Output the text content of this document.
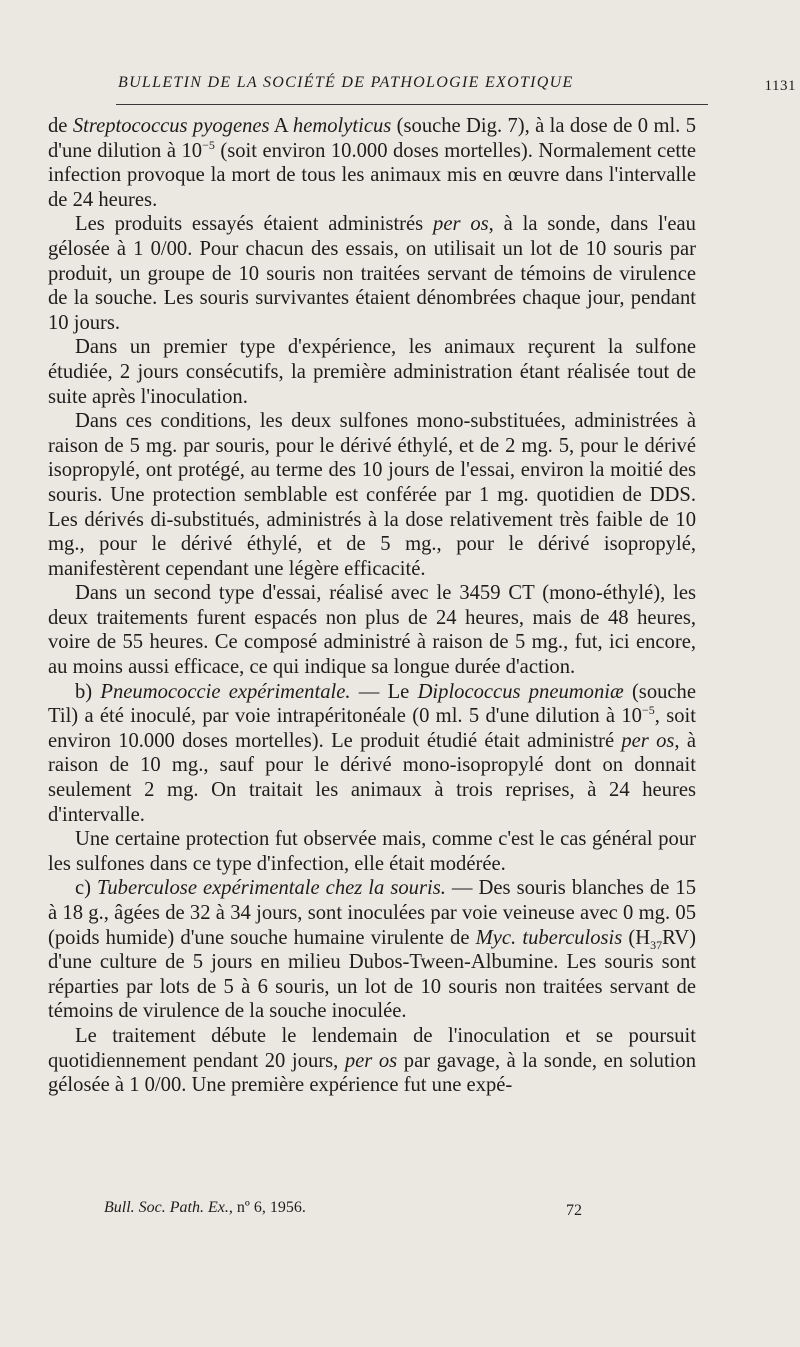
BULLETIN DE LA SOCIÉTÉ DE PATHOLOGIE EXOTIQUE	1131

de Streptococcus pyogenes A hemolyticus (souche Dig. 7), à la dose de 0 ml. 5 d'une dilution à $10^{-5}$ (soit environ 10.000 doses mortelles). Normalement cette infection provoque la mort de tous les animaux mis en œuvre dans l'intervalle de 24 heures.

Les produits essayés étaient administrés per os, à la sonde, dans l'eau gélosée à 1 0/00. Pour chacun des essais, on utilisait un lot de 10 souris par produit, un groupe de 10 souris non traitées servant de témoins de virulence de la souche. Les souris survivantes étaient dénombrées chaque jour, pendant 10 jours.

Dans un premier type d'expérience, les animaux reçurent la sulfone étudiée, 2 jours consécutifs, la première administration étant réalisée tout de suite après l'inoculation.

Dans ces conditions, les deux sulfones mono-substituées, administrées à raison de 5 mg. par souris, pour le dérivé éthylé, et de 2 mg. 5, pour le dérivé isopropylé, ont protégé, au terme des 10 jours de l'essai, environ la moitié des souris. Une protection semblable est conférée par 1 mg. quotidien de DDS. Les dérivés di-substitués, administrés à la dose relativement très faible de 10 mg., pour le dérivé éthylé, et de 5 mg., pour le dérivé isopropylé, manifestèrent cependant une légère efficacité.

Dans un second type d'essai, réalisé avec le 3459 CT (mono-éthylé), les deux traitements furent espacés non plus de 24 heures, mais de 48 heures, voire de 55 heures. Ce composé administré à raison de 5 mg., fut, ici encore, au moins aussi efficace, ce qui indique sa longue durée d'action.

b) Pneumococcie expérimentale. — Le Diplococcus pneumoniæ (souche Til) a été inoculé, par voie intrapéritonéale (0 ml. 5 d'une dilution à $10^{-5}$, soit environ 10.000 doses mortelles). Le produit étudié était administré per os, à raison de 10 mg., sauf pour le dérivé mono-isopropylé dont on donnait seulement 2 mg. On traitait les animaux à trois reprises, à 24 heures d'intervalle.

Une certaine protection fut observée mais, comme c'est le cas général pour les sulfones dans ce type d'infection, elle était modérée.

c) Tuberculose expérimentale chez la souris. — Des souris blanches de 15 à 18 g., âgées de 32 à 34 jours, sont inoculées par voie veineuse avec 0 mg. 05 (poids humide) d'une souche humaine virulente de Myc. tuberculosis $(H_{37}RV)$ d'une culture de 5 jours en milieu Dubos-Tween-Albumine. Les souris sont réparties par lots de 5 à 6 souris, un lot de 10 souris non traitées servant de témoins de virulence de la souche inoculée.

Le traitement débute le lendemain de l'inoculation et se poursuit quotidiennement pendant 20 jours, per os par gavage, à la sonde, en solution gélosée à 1 0/00. Une première expérience fut une expé-

Bull. Soc. Path. Ex., nº 6, 1956.	72
